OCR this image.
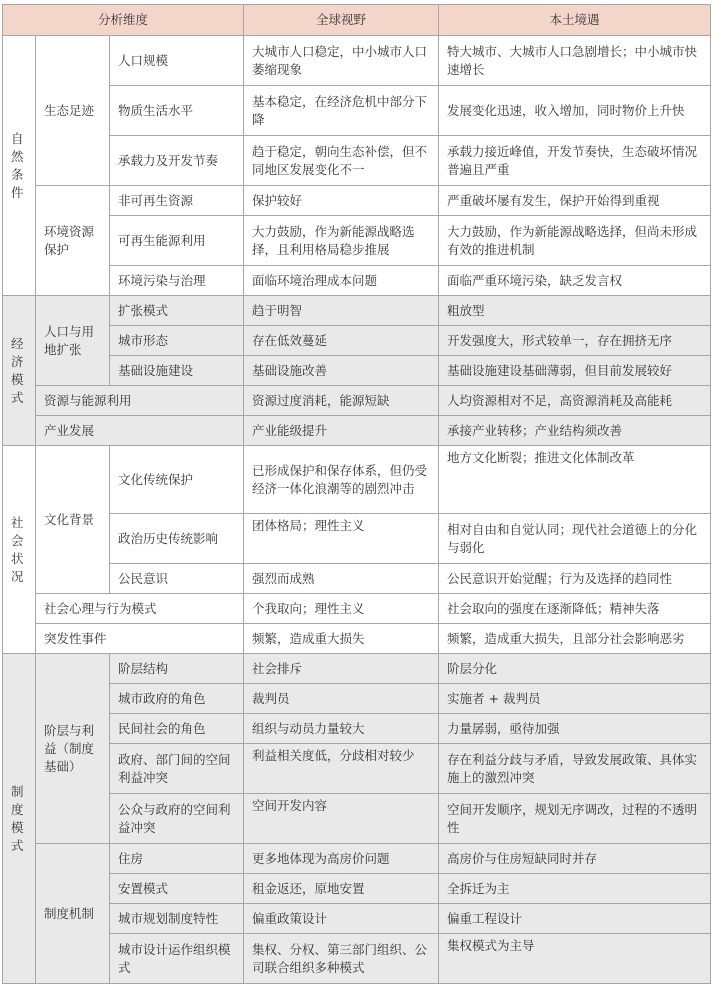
分析维度			全球视野	本土境遇

自
然
条
件	生态足迹	人口规模	大城市人口稳定，中小城市人口萎缩现象	特大城市、大城市人口急剧增长；中小城市快速增长
		物质生活水平	基本稳定，在经济危机中部分下降	发展变化迅速，收入增加，同时物价上升快
		承载力及开发节奏	趋于稳定，朝向生态补偿，但不同地区发展变化不一	承载力接近峰值，开发节奏快，生态破坏情况普遍且严重
	环境资源保护	非可再生资源	保护较好	严重破坏屡有发生，保护开始得到重视
		可再生能源利用	大力鼓励，作为新能源战略选择，且利用格局稳步推展	大力鼓励，作为新能源战略选择，但尚未形成有效的推进机制
		环境污染与治理	面临环境治理成本问题	面临严重环境污染，缺乏发言权

经
济
模
式	人口与用地扩张	扩张模式	趋于明智	粗放型
		城市形态	存在低效蔓延	开发强度大，形式较单一，存在拥挤无序
		基础设施建设	基础设施改善	基础设施建设基础薄弱，但目前发展较好
	资源与能源利用		资源过度消耗，能源短缺	人均资源相对不足，高资源消耗及高能耗
	产业发展		产业能级提升	承接产业转移；产业结构须改善

社
会
状
况	文化背景	文化传统保护	已形成保护和保存体系，但仍受经济一体化浪潮等的剧烈冲击	地方文化断裂；推进文化体制改革
		政治历史传统影响	团体格局；理性主义	相对自由和自觉认同；现代社会道德上的分化与弱化
		公民意识	强烈而成熟	公民意识开始觉醒；行为及选择的趋同性
	社会心理与行为模式		个我取向；理性主义	社会取向的强度在逐渐降低；精神失落
	突发性事件		频繁，造成重大损失	频繁，造成重大损失，且部分社会影响恶劣

制
度
模
式	阶层与利益（制度基础）	阶层结构	社会排斥	阶层分化
		城市政府的角色	裁判员	实施者 + 裁判员
		民间社会的角色	组织与动员力量较大	力量孱弱，亟待加强
		政府、部门间的空间利益冲突	利益相关度低，分歧相对较少	存在利益分歧与矛盾，导致发展政策、具体实施上的激烈冲突
		公众与政府的空间利益冲突	空间开发内容	空间开发顺序，规划无序调改，过程的不透明性
	制度机制	住房	更多地体现为高房价问题	高房价与住房短缺同时并存
		安置模式	租金返还，原地安置	全拆迁为主
		城市规划制度特性	偏重政策设计	偏重工程设计
		城市设计运作组织模式	集权、分权、第三部门组织、公司联合组织多种模式	集权模式为主导
